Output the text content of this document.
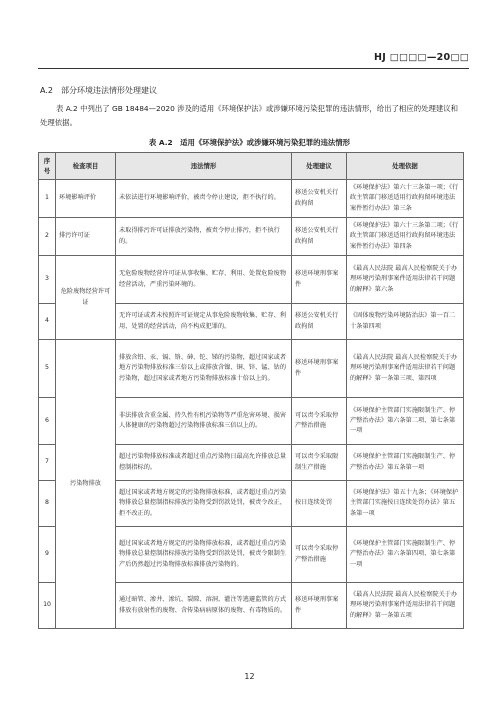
HJ □□□□—20□□
A.2　部分环境违法情形处理建议
表 A.2 中列出了 GB 18484—2020 涉及的适用《环境保护法》或涉嫌环境污染犯罪的违法情形，给出了相应的处理建议和处理依据。
表 A.2　适用《环境保护法》或涉嫌环境污染犯罪的违法情形
序号	检查项目	违法情形	处理建议	处理依据
1	环境影响评价	未依法进行环境影响评价，被责令停止建设，拒不执行的。	移送公安机关行政拘留	《环境保护法》第六十三条第一项；《行政主管部门移送适用行政拘留环境违法案件暂行办法》第三条
2	排污许可证	未取得排污许可证排放污染物，被责令停止排污，拒不执行的。	移送公安机关行政拘留	《环境保护法》第六十三条第二项；《行政主管部门移送适用行政拘留环境违法案件暂行办法》第四条
3	危险废物经营许可证	无危险废物经营许可证从事收集、贮存、利用、处置危险废物经营活动，严重污染环境的。	移送环境刑事案件	《最高人民法院 最高人民检察院关于办理环境污染刑事案件适用法律若干问题的解释》第六条
4		无许可证或者未按照许可证规定从事危险废物收集、贮存、利用、处置的经营活动，尚不构成犯罪的。	移送公安机关行政拘留	《固体废物污染环境防治法》第一百二十条第四项
5	污染物排放	排放含铅、汞、镉、铬、砷、铊、锑的污染物，超过国家或者地方污染物排放标准三倍以上或排放含镍、铜、锌、锰、钴的污染物，超过国家或者地方污染物排放标准十倍以上的。	移送环境刑事案件	《最高人民法院 最高人民检察院关于办理环境污染刑事案件适用法律若干问题的解释》第一条第三项、第四项
6		非法排放含重金属、持久性有机污染物等严重危害环境、损害人体健康的污染物超过污染物排放标准三倍以上的。	可以责令采取停产整治措施	《环境保护主管部门实施限制生产、停产整治办法》第六条第二项、第七条第一项
7		超过污染物排放标准或者超过重点污染物日最高允许排放总量控制指标的。	可以责令采取限制生产措施	《环境保护主管部门实施限制生产、停产整治办法》第五条第一项
8		超过国家或者地方规定的污染物排放标准，或者超过重点污染物排放总量控制指标排放污染物受到罚款处罚，被责令改正，拒不改正的。	按日连续处罚	《环境保护法》第五十九条；《环境保护主管部门实施按日连续处罚办法》第五条第一项
9		超过国家或者地方规定的污染物排放标准，或者超过重点污染物排放总量控制指标排放污染物受到罚款处罚，被责令限制生产后仍然超过污染物排放标准排放污染物的。	可以责令采取停产整治措施	《环境保护主管部门实施限制生产、停产整治办法》第六条第四项、第七条第一项
10		通过暗管、渗井、渗坑、裂隙、溶洞、灌注等逃避监管的方式排放有放射性的废物、含传染病病原体的废物、有毒物质的。	移送环境刑事案件	《最高人民法院 最高人民检察院关于办理环境污染刑事案件适用法律若干问题的解释》第一条第五项
12
